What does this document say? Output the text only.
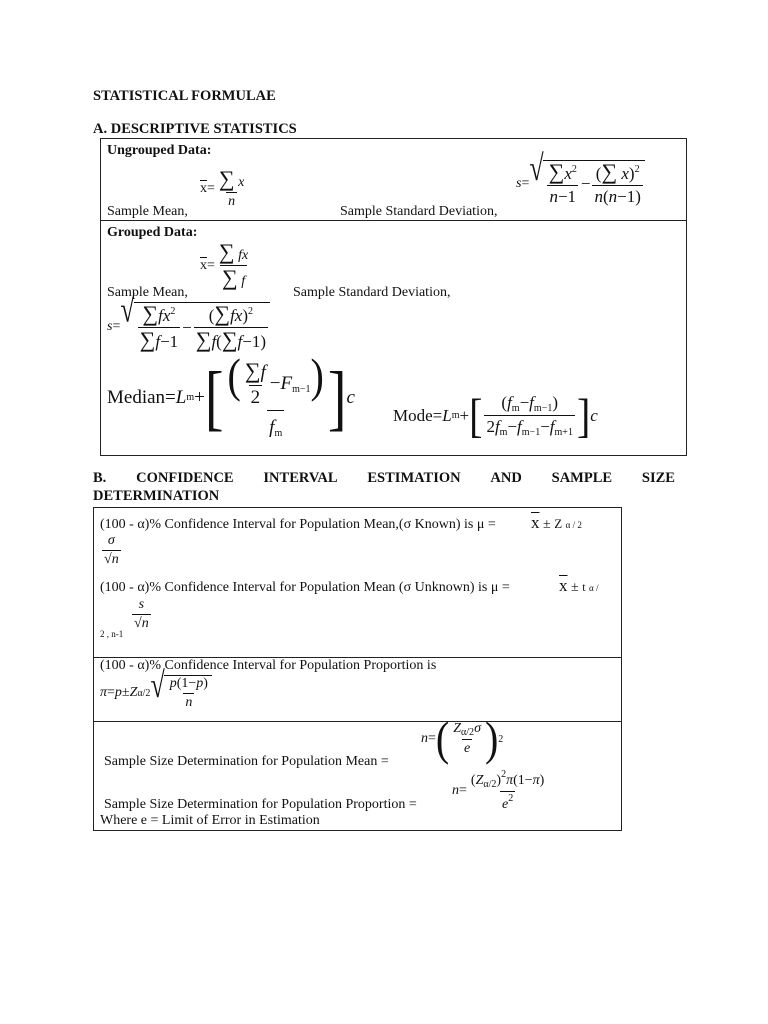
STATISTICAL FORMULAE
A. DESCRIPTIVE STATISTICS
Ungrouped Data:
Sample Mean,
$\overline{x} = \frac{\sum x}{n}$
Sample Standard Deviation,
s = √ $\frac{\sum x^2}{n-1} - \frac{(\sum x)^2}{n(n-1)}$
Grouped Data:
$\overline{x} = \frac{\sum fx}{\sum f}$
Sample Mean,	Sample Standard Deviation,
s = √ $\frac{\sum fx^2}{\sum f-1} - \frac{(\sum fx)^2}{\sum f(\sum f-1)}$
Median = L m + [ $\frac{( \frac{\sum f}{2} -F_{m-1})}{f_m}$ ] c
Mode = L m + [ $\frac{(f_m-f_{m-1})}{2f_m-f_{m-1}-f_{m+1}}$ ] c
B. CONFIDENCE INTERVAL ESTIMATION AND SAMPLE SIZE
DETERMINATION
(100 - α)% Confidence Interval for Population Mean,(σ Known) is $\mu = \overline{x} \pm Z$ α / 2
$\frac{\sigma}{√n}$
(100 - α)% Confidence Interval for Population Mean (σ Unknown) is μ =	$\overline{x} \pm t$ α /
$\frac{s}{√n}$
2 , n-1
(100 - α)% Confidence Interval for Population Proportion is
π = p ± Z α/2 √ $\frac{p(1-p)}{n}$
n = ( $\frac{Z_{\alpha/2}\sigma}{e}$ ) 2
Sample Size Determination for Population Mean =
$n = \frac{(Z_{\alpha/2})^2\pi(1-\pi)}{e^2}$
Sample Size Determination for Population Proportion =
Where e = Limit of Error in Estimation
